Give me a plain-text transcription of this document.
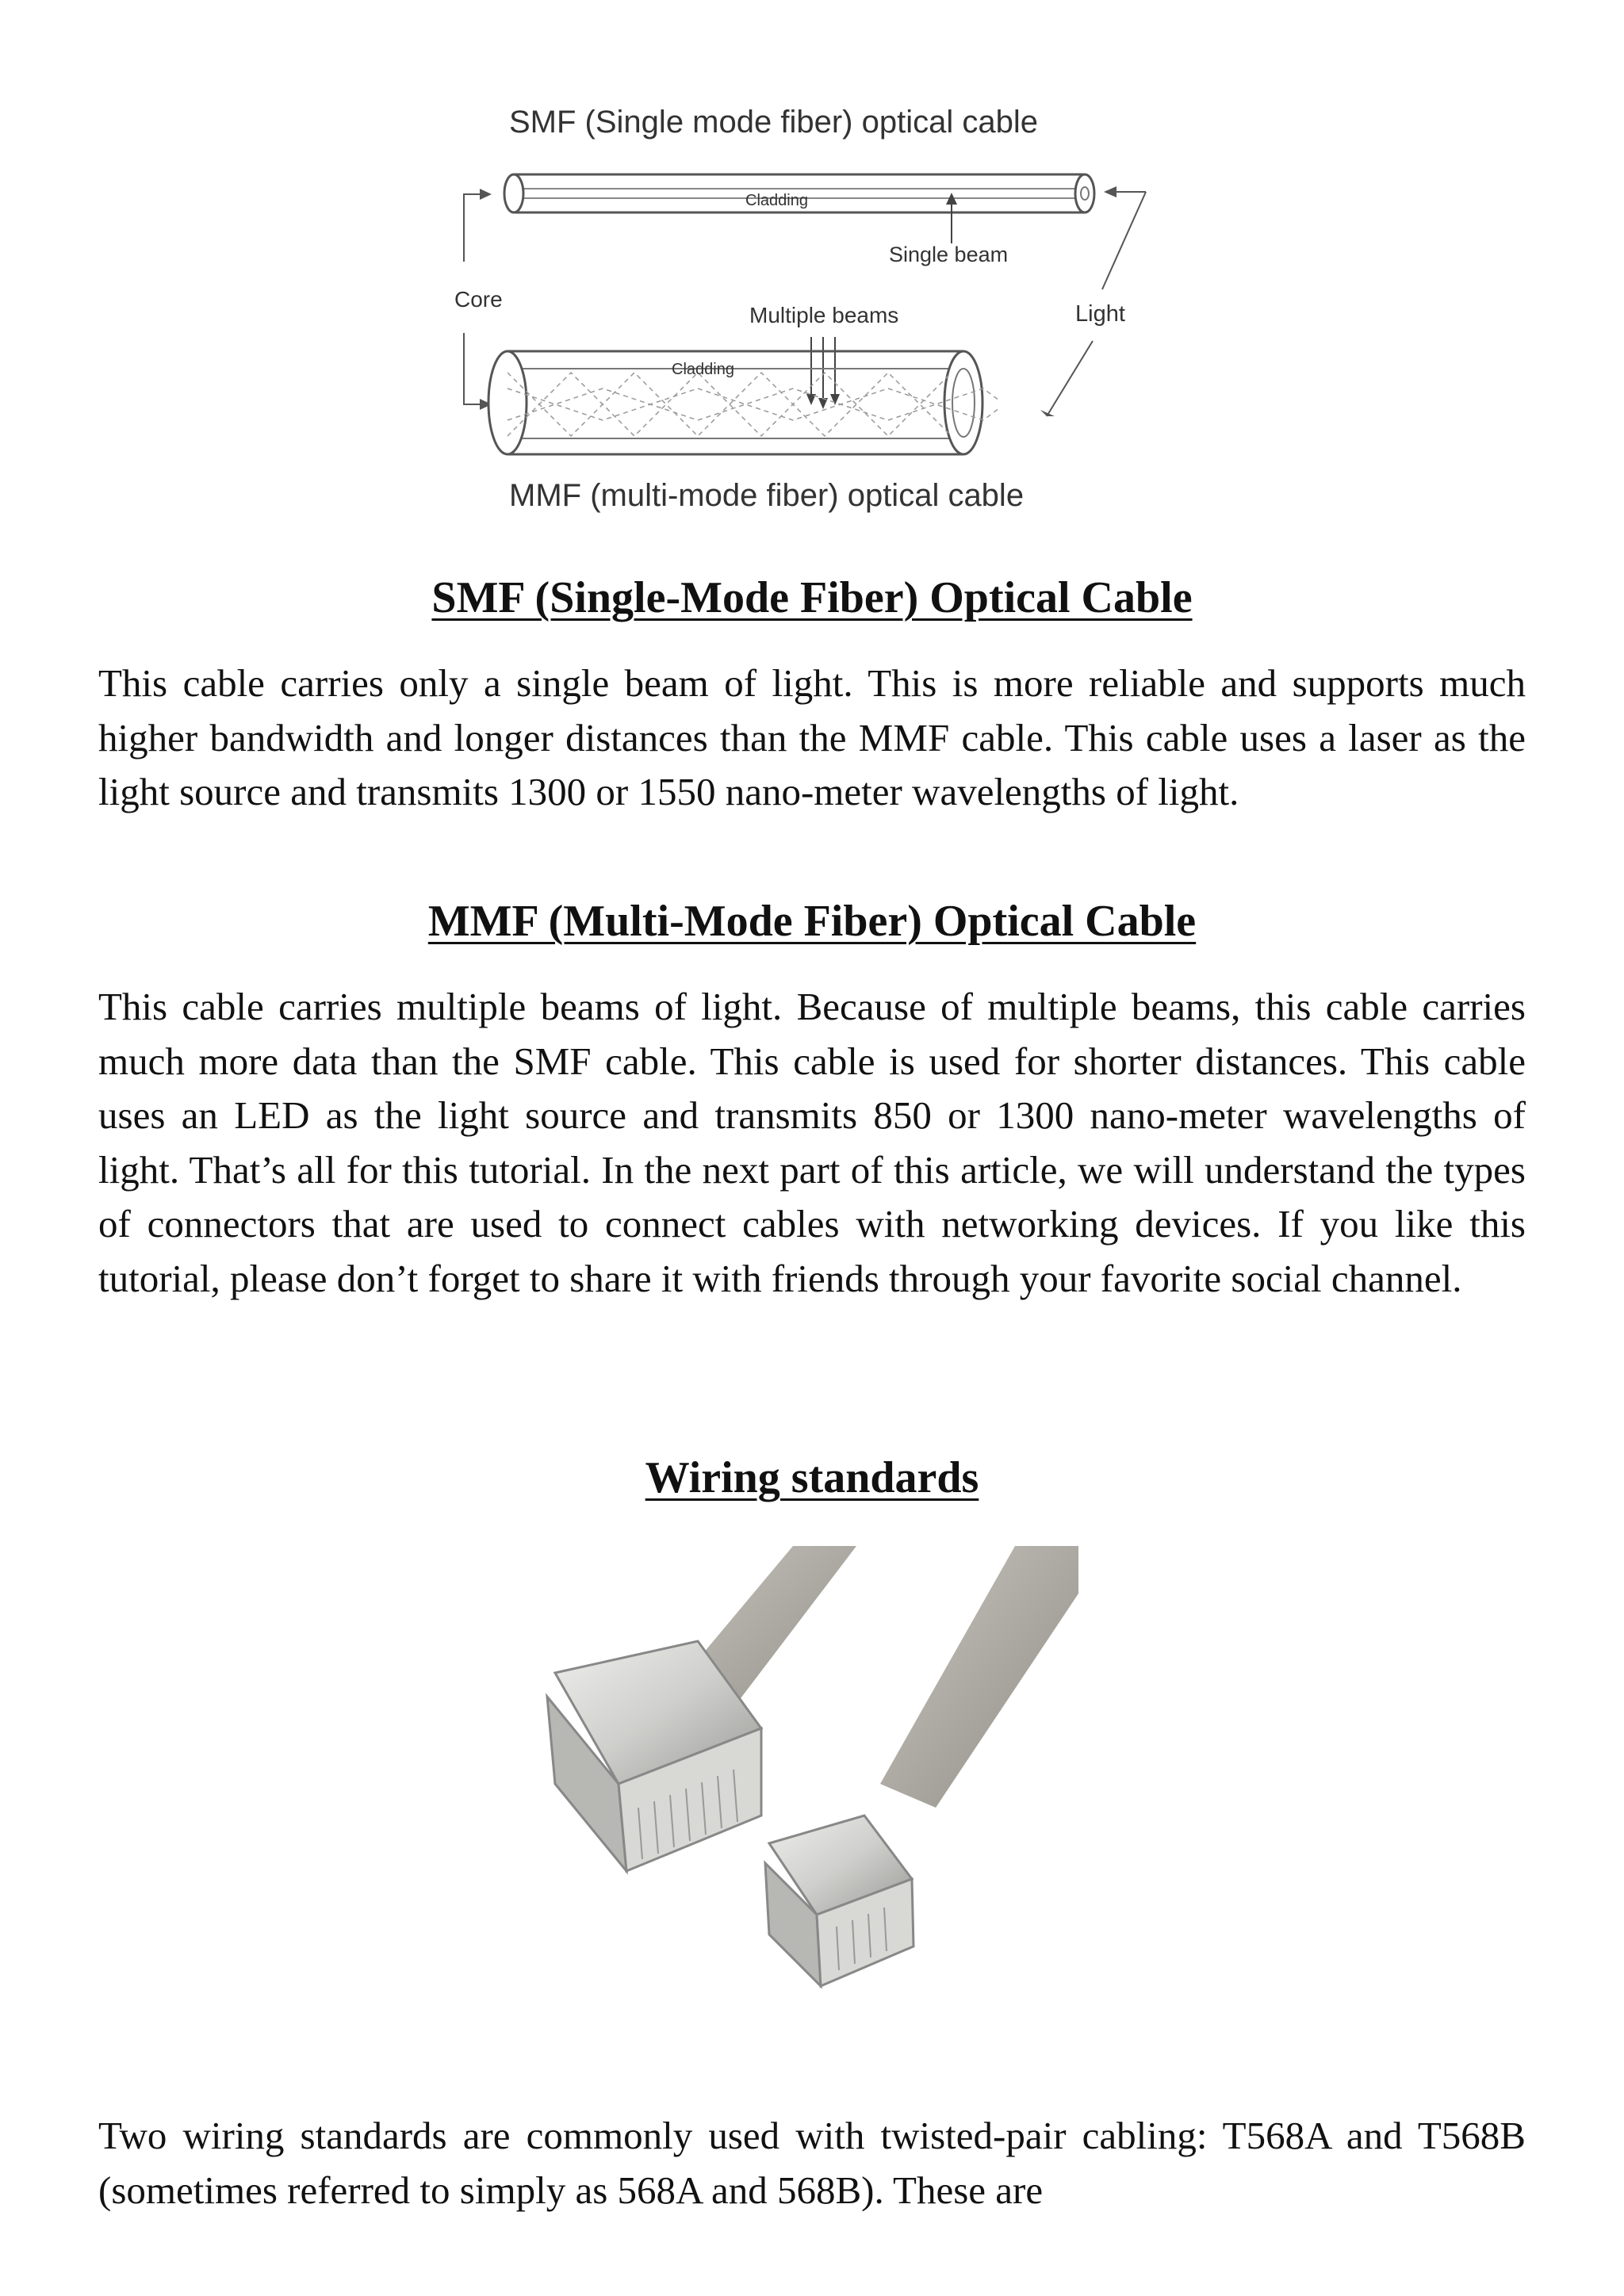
SMF (Single mode fiber) optical cable
Cladding
Single beam
Core
Light
Multiple beams
Cladding
MMF (multi-mode fiber) optical cable
SMF (Single-Mode Fiber) Optical Cable
This cable carries only a single beam of light. This is more reliable and supports much higher bandwidth and longer distances than the MMF cable. This cable uses a laser as the light source and transmits 1300 or 1550 nano-meter wavelengths of light.
MMF (Multi-Mode Fiber) Optical Cable
This cable carries multiple beams of light. Because of multiple beams, this cable carries much more data than the SMF cable. This cable is used for shorter distances. This cable uses an LED as the light source and transmits 850 or 1300 nano-meter wavelengths of light. That’s all for this tutorial. In the next part of this article, we will understand the types of connectors that are used to connect cables with networking devices. If you like this tutorial, please don’t forget to share it with friends through your favorite social channel.
Wiring standards
Two wiring standards are commonly used with twisted-pair cabling: T568A and T568B (sometimes referred to simply as 568A and 568B). These are
